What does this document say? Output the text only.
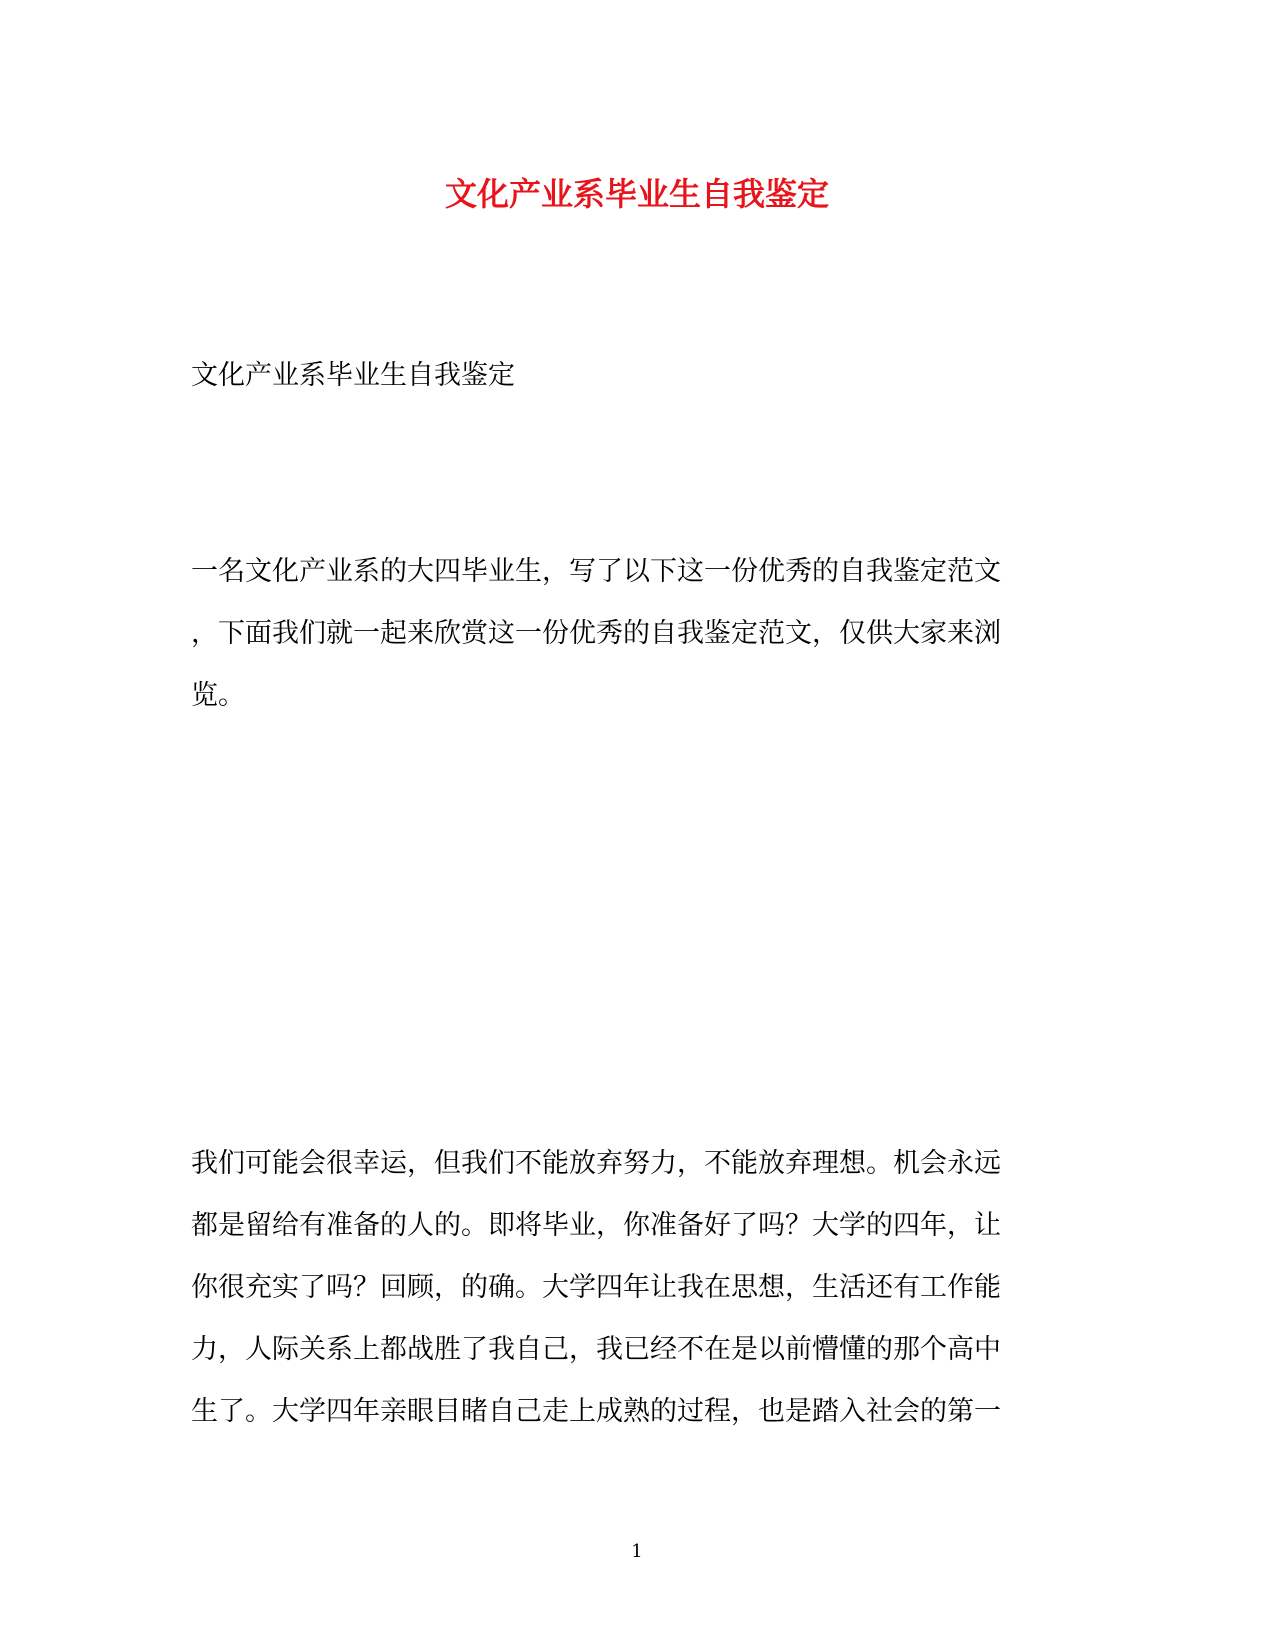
文化产业系毕业生自我鉴定

文化产业系毕业生自我鉴定

一名文化产业系的大四毕业生，写了以下这一份优秀的自我鉴定范文
，下面我们就一起来欣赏这一份优秀的自我鉴定范文，仅供大家来浏
览。
我们可能会很幸运，但我们不能放弃努力，不能放弃理想。机会永远
都是留给有准备的人的。即将毕业，你准备好了吗？大学的四年，让
你很充实了吗？回顾，的确。大学四年让我在思想，生活还有工作能
力，人际关系上都战胜了我自己，我已经不在是以前懵懂的那个高中
生了。大学四年亲眼目睹自己走上成熟的过程，也是踏入社会的第一

1
